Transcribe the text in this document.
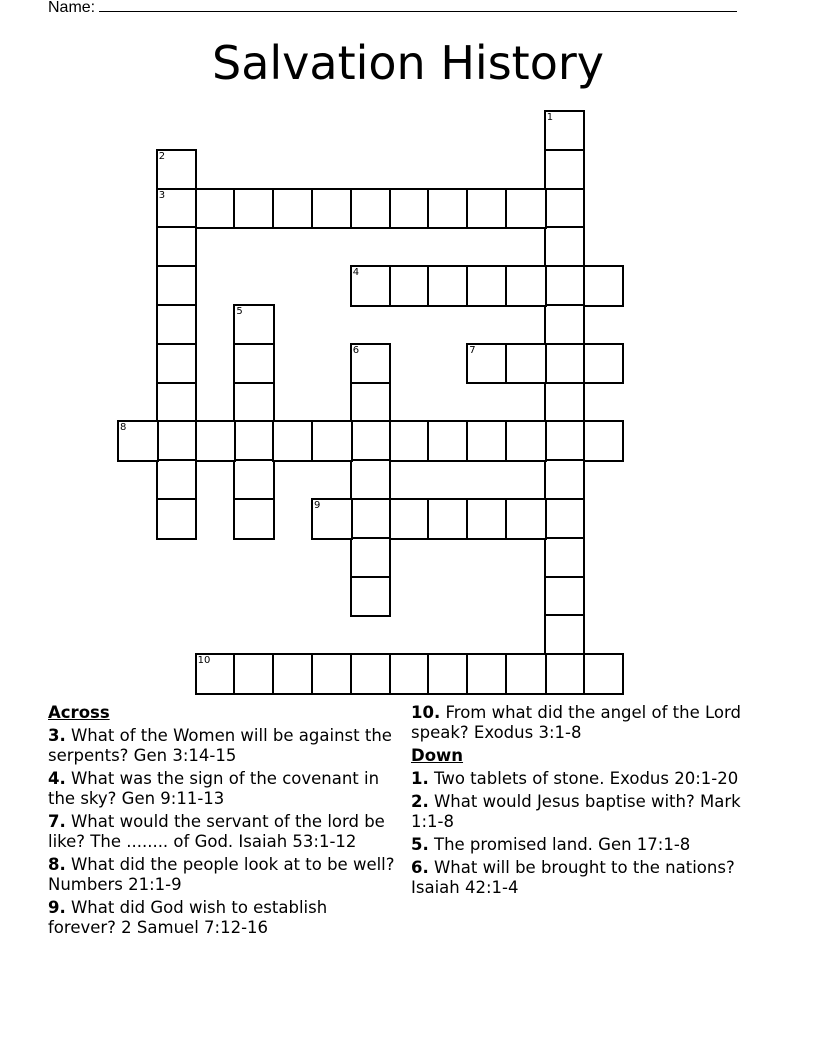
Name:
Salvation History
1
2
3
4
5
6	7
8
9
10
Across
3. What of the Women will be against the serpents? Gen 3:14-15
4. What was the sign of the covenant in the sky? Gen 9:11-13
7. What would the servant of the lord be like? The ........ of God. Isaiah 53:1-12
8. What did the people look at to be well? Numbers 21:1-9
9. What did God wish to establish forever? 2 Samuel 7:12-16
10. From what did the angel of the Lord speak? Exodus 3:1-8
Down
1. Two tablets of stone. Exodus 20:1-20
2. What would Jesus baptise with? Mark 1:1-8
5. The promised land. Gen 17:1-8
6. What will be brought to the nations? Isaiah 42:1-4
